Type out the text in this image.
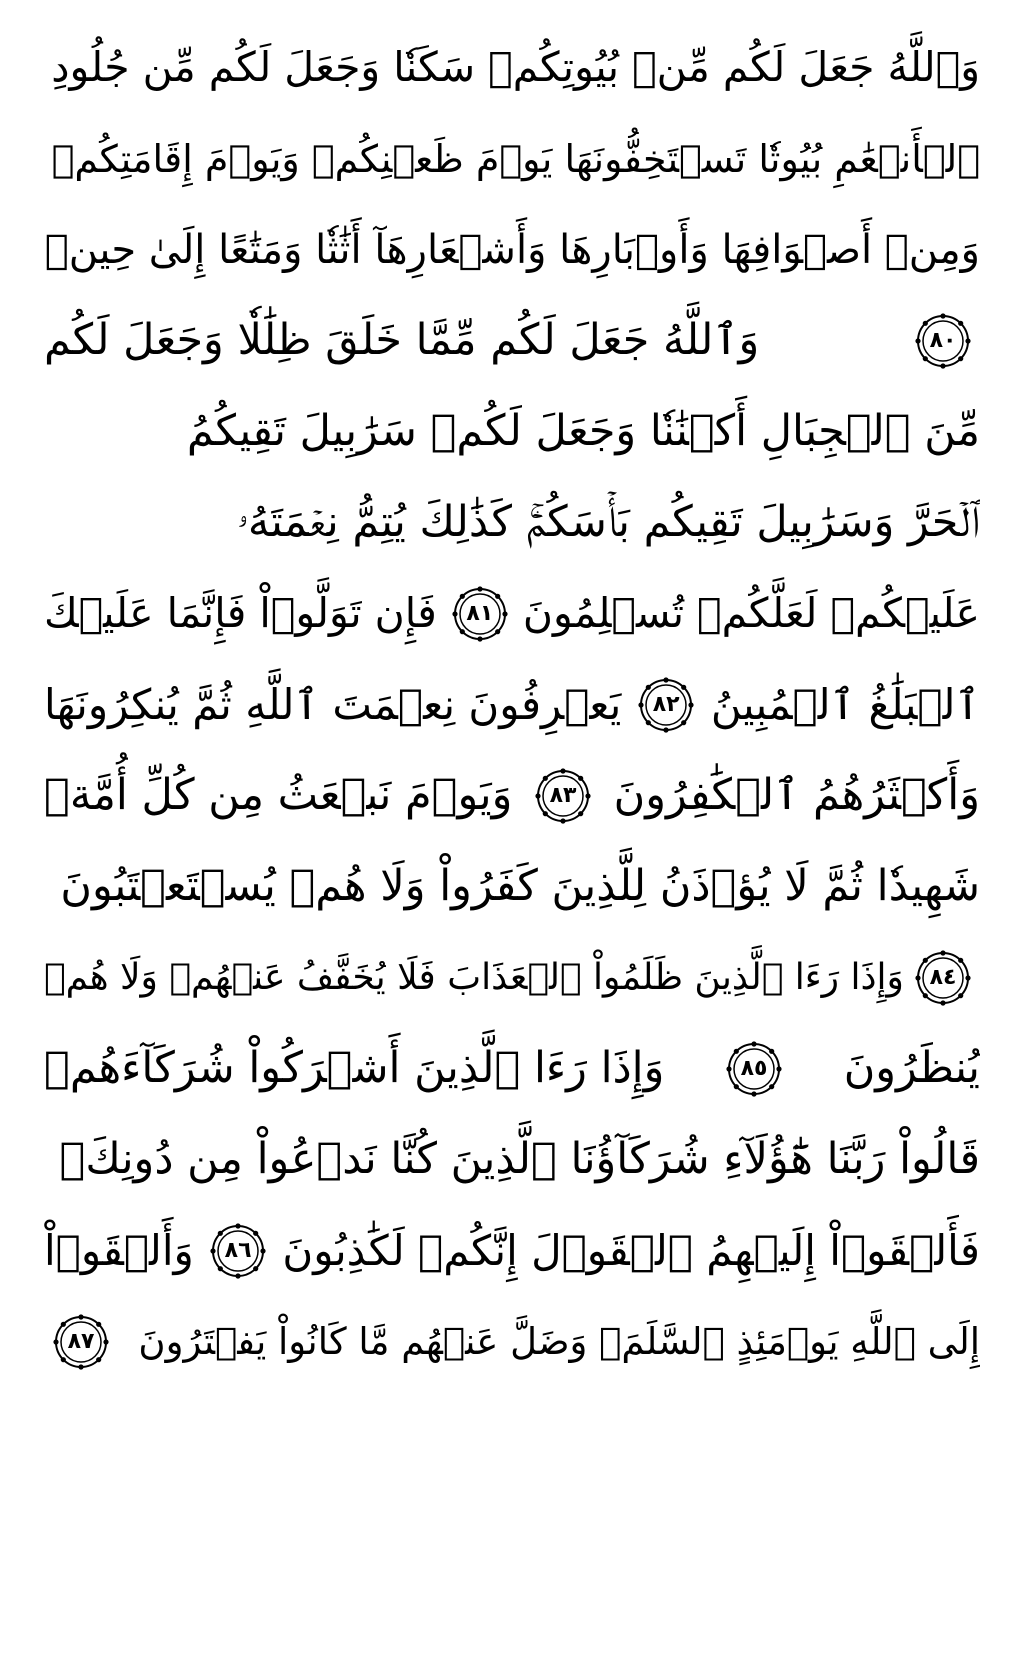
وَٱللَّهُ جَعَلَ لَكُم مِّنۢ بُيُوتِكُمۡ سَكَنٗا وَجَعَلَ لَكُم مِّن جُلُودِ
ٱلۡأَنۡعَٰمِ بُيُوتٗا تَسۡتَخِفُّونَهَا يَوۡمَ ظَعۡنِكُمۡ وَيَوۡمَ إِقَامَتِكُمۡ
وَمِنۡ أَصۡوَافِهَا وَأَوۡبَارِهَا وَأَشۡعَارِهَآ أَثَٰثٗا وَمَتَٰعًا إِلَىٰ حِينٖ
٨٠
وَٱللَّهُ جَعَلَ لَكُم مِّمَّا خَلَقَ ظِلَٰلٗا وَجَعَلَ لَكُم
مِّنَ ٱلۡجِبَالِ أَكۡنَٰنٗا وَجَعَلَ لَكُمۡ سَرَٰبِيلَ تَقِيكُمُ
ٱلۡحَرَّ وَسَرَٰبِيلَ تَقِيكُم بَأۡسَكُمۡۚ كَذَٰلِكَ يُتِمُّ نِعۡمَتَهُۥ
عَلَيۡكُمۡ لَعَلَّكُمۡ تُسۡلِمُونَ
٨١
فَإِن تَوَلَّوۡاْ فَإِنَّمَا عَلَيۡكَ
ٱلۡبَلَٰغُ ٱلۡمُبِينُ
٨٢
يَعۡرِفُونَ نِعۡمَتَ ٱللَّهِ ثُمَّ يُنكِرُونَهَا
وَأَكۡثَرُهُمُ ٱلۡكَٰفِرُونَ
٨٣
وَيَوۡمَ نَبۡعَثُ مِن كُلِّ أُمَّةٖ
شَهِيدٗا ثُمَّ لَا يُؤۡذَنُ لِلَّذِينَ كَفَرُواْ وَلَا هُمۡ يُسۡتَعۡتَبُونَ
٨٤
وَإِذَا رَءَا ٱلَّذِينَ ظَلَمُواْ ٱلۡعَذَابَ فَلَا يُخَفَّفُ عَنۡهُمۡ وَلَا هُمۡ
يُنظَرُونَ
٨٥
وَإِذَا رَءَا ٱلَّذِينَ أَشۡرَكُواْ شُرَكَآءَهُمۡ
قَالُواْ رَبَّنَا هَٰٓؤُلَآءِ شُرَكَآؤُنَا ٱلَّذِينَ كُنَّا نَدۡعُواْ مِن دُونِكَۖ
فَأَلۡقَوۡاْ إِلَيۡهِمُ ٱلۡقَوۡلَ إِنَّكُمۡ لَكَٰذِبُونَ
٨٦
وَأَلۡقَوۡاْ
إِلَى ٱللَّهِ يَوۡمَئِذٍ ٱلسَّلَمَۖ وَضَلَّ عَنۡهُم مَّا كَانُواْ يَفۡتَرُونَ
٨٧
